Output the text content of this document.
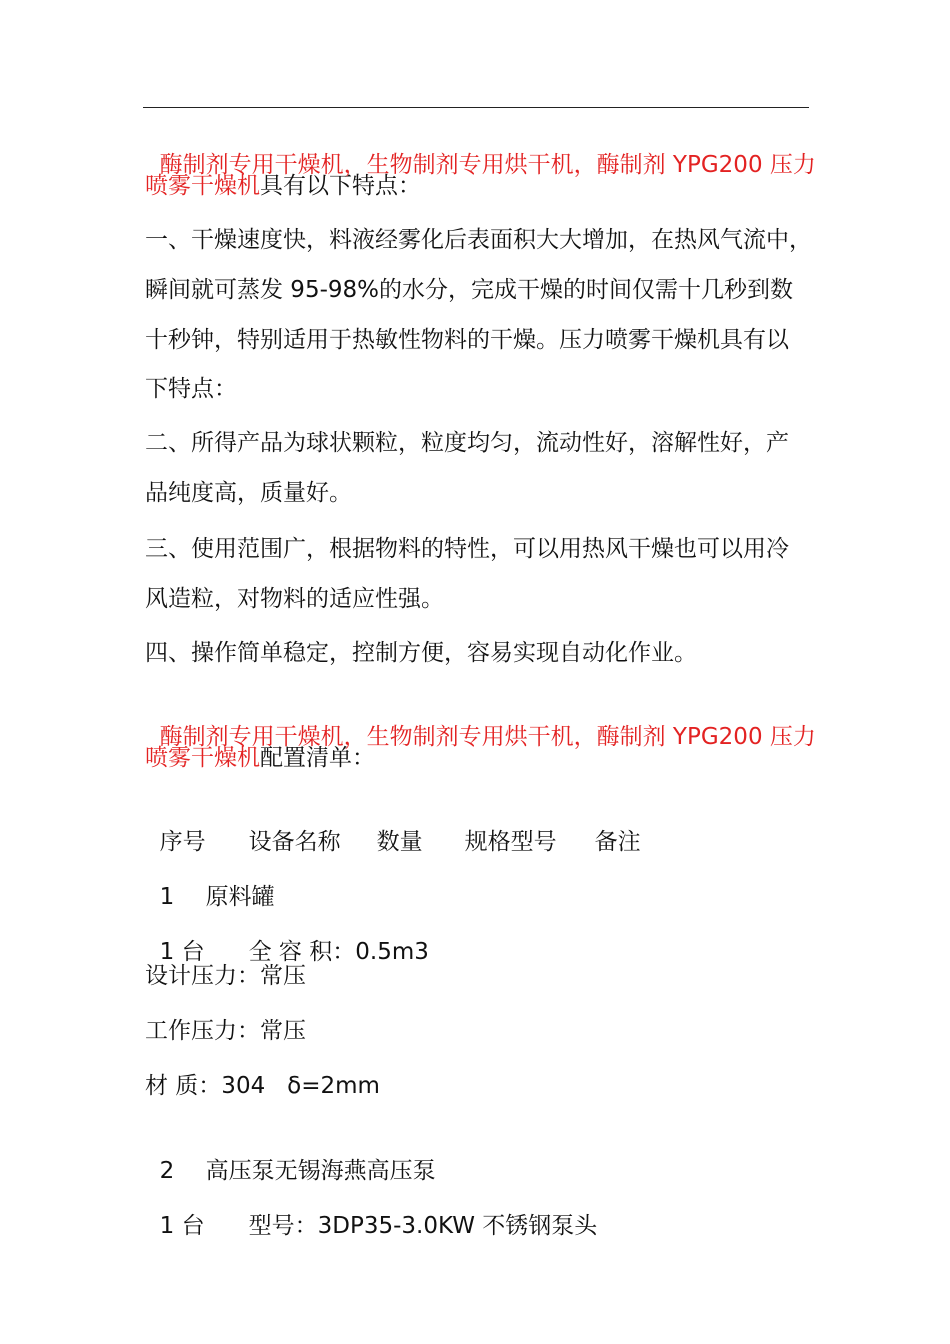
酶制剂专用干燥机，生物制剂专用烘干机，酶制剂 YPG200 压力

喷雾干燥机具有以下特点：
一、干燥速度快，料液经雾化后表面积大大增加，在热风气流中，
瞬间就可蒸发 95-98%的水分，完成干燥的时间仅需十几秒到数
十秒钟，特别适用于热敏性物料的干燥。压力喷雾干燥机具有以
下特点：
二、所得产品为球状颗粒，粒度均匀，流动性好，溶解性好，产
品纯度高，质量好。
三、使用范围广，根据物料的特性，可以用热风干燥也可以用冷
风造粒，对物料的适应性强。
四、操作简单稳定，控制方便，容易实现自动化作业。

酶制剂专用干燥机，生物制剂专用烘干机，酶制剂 YPG200 压力

喷雾干燥机配置清单：

序号 设备名称 数量 规格型号 备注

1 原料罐

1 台 全 容 积：0.5m3

设计压力：常压
工作压力：常压
材 质：304   δ=2mm

2 高压泵无锡海燕高压泵

1 台 型号：3DP35-3.0KW 不锈钢泵头
